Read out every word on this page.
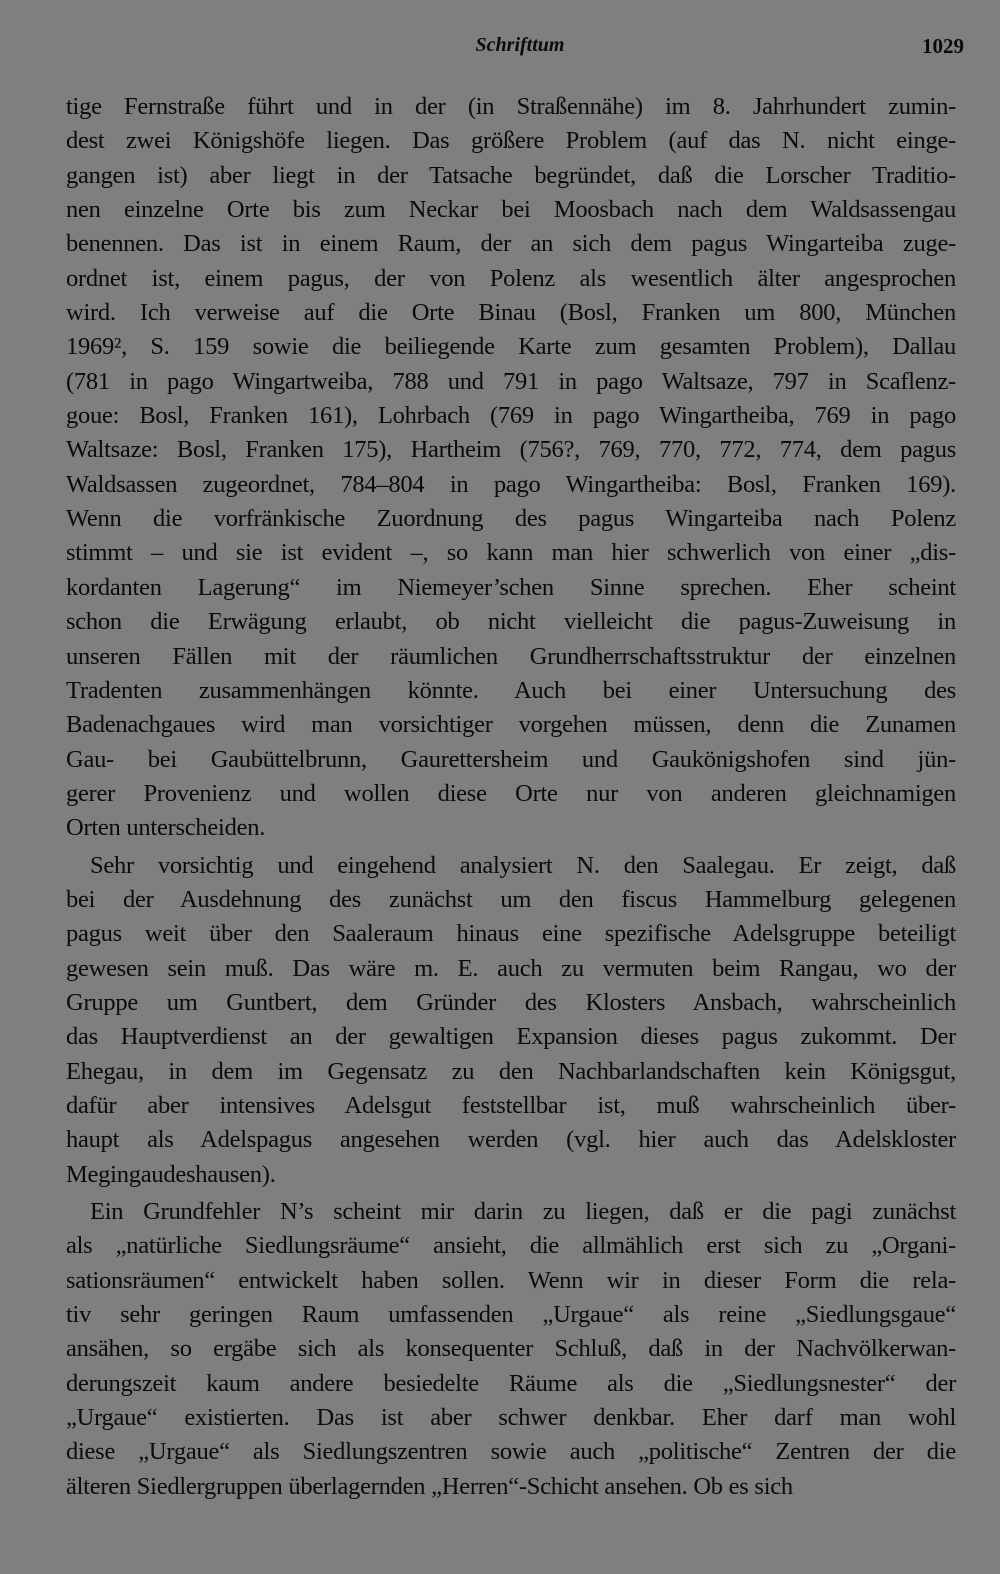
Schrifttum	1029
tige Fernstraße führt und in der (in Straßennähe) im 8. Jahrhundert zumin-
dest zwei Königshöfe liegen. Das größere Problem (auf das N. nicht einge-
gangen ist) aber liegt in der Tatsache begründet, daß die Lorscher Traditio-
nen einzelne Orte bis zum Neckar bei Moosbach nach dem Waldsassengau
benennen. Das ist in einem Raum, der an sich dem pagus Wingarteiba zuge-
ordnet ist, einem pagus, der von Polenz als wesentlich älter angesprochen
wird. Ich verweise auf die Orte Binau (Bosl, Franken um 800, München
1969², S. 159 sowie die beiliegende Karte zum gesamten Problem), Dallau
(781 in pago Wingartweiba, 788 und 791 in pago Waltsaze, 797 in Scaflenz-
goue: Bosl, Franken 161), Lohrbach (769 in pago Wingartheiba, 769 in pago
Waltsaze: Bosl, Franken 175), Hartheim (756?, 769, 770, 772, 774, dem pagus
Waldsassen zugeordnet, 784–804 in pago Wingartheiba: Bosl, Franken 169).
Wenn die vorfränkische Zuordnung des pagus Wingarteiba nach Polenz
stimmt – und sie ist evident –, so kann man hier schwerlich von einer „dis-
kordanten Lagerung“ im Niemeyer’schen Sinne sprechen. Eher scheint
schon die Erwägung erlaubt, ob nicht vielleicht die pagus-Zuweisung in
unseren Fällen mit der räumlichen Grundherrschaftsstruktur der einzelnen
Tradenten zusammenhängen könnte. Auch bei einer Untersuchung des
Badenachgaues wird man vorsichtiger vorgehen müssen, denn die Zunamen
Gau- bei Gaubüttelbrunn, Gaurettersheim und Gaukönigshofen sind jün-
gerer Provenienz und wollen diese Orte nur von anderen gleichnamigen
Orten unterscheiden.
Sehr vorsichtig und eingehend analysiert N. den Saalegau. Er zeigt, daß
bei der Ausdehnung des zunächst um den fiscus Hammelburg gelegenen
pagus weit über den Saaleraum hinaus eine spezifische Adelsgruppe beteiligt
gewesen sein muß. Das wäre m. E. auch zu vermuten beim Rangau, wo der
Gruppe um Guntbert, dem Gründer des Klosters Ansbach, wahrscheinlich
das Hauptverdienst an der gewaltigen Expansion dieses pagus zukommt. Der
Ehegau, in dem im Gegensatz zu den Nachbarlandschaften kein Königsgut,
dafür aber intensives Adelsgut feststellbar ist, muß wahrscheinlich über-
haupt als Adelspagus angesehen werden (vgl. hier auch das Adelskloster
Megingaudeshausen).
Ein Grundfehler N’s scheint mir darin zu liegen, daß er die pagi zunächst
als „natürliche Siedlungsräume“ ansieht, die allmählich erst sich zu „Organi-
sationsräumen“ entwickelt haben sollen. Wenn wir in dieser Form die rela-
tiv sehr geringen Raum umfassenden „Urgaue“ als reine „Siedlungsgaue“
ansähen, so ergäbe sich als konsequenter Schluß, daß in der Nachvölkerwan-
derungszeit kaum andere besiedelte Räume als die „Siedlungsnester“ der
„Urgaue“ existierten. Das ist aber schwer denkbar. Eher darf man wohl
diese „Urgaue“ als Siedlungszentren sowie auch „politische“ Zentren der die
älteren Siedlergruppen überlagernden „Herren“-Schicht ansehen. Ob es sich
